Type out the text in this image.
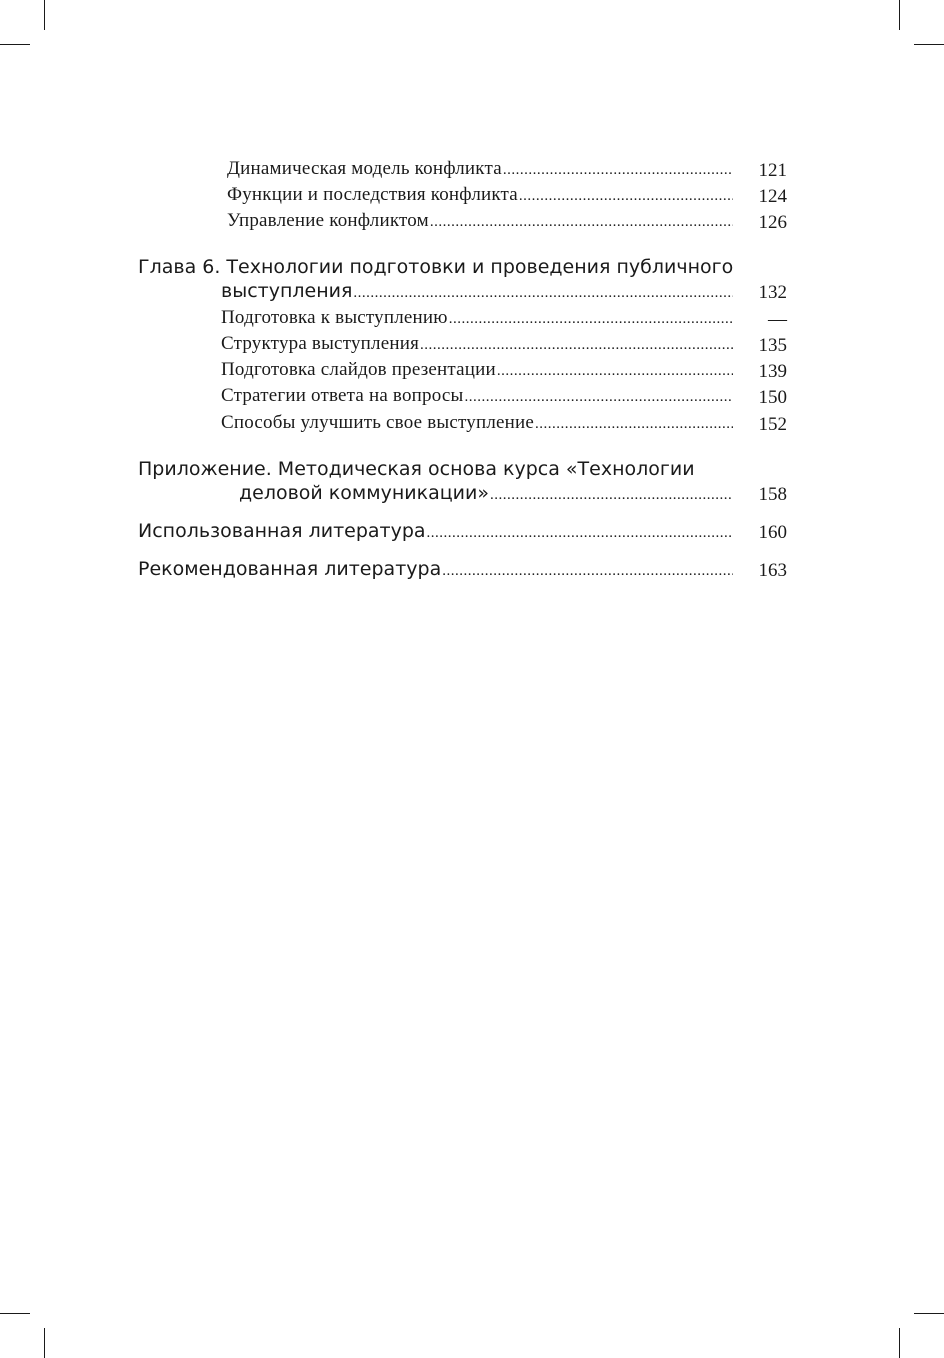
Динамическая модель конфликта .....	121
Функции и последствия конфликта .....	124
Управление конфликтом .....	126
Глава 6. Технологии подготовки и проведения публичного
выступления .....	132
Подготовка к выступлению .....	—
Структура выступления .....	135
Подготовка слайдов презентации .....	139
Стратегии ответа на вопросы .....	150
Способы улучшить свое выступление .....	152
Приложение. Методическая основа курса «Технологии
деловой коммуникации» .....	158
Использованная литература .....	160
Рекомендованная литература .....	163
